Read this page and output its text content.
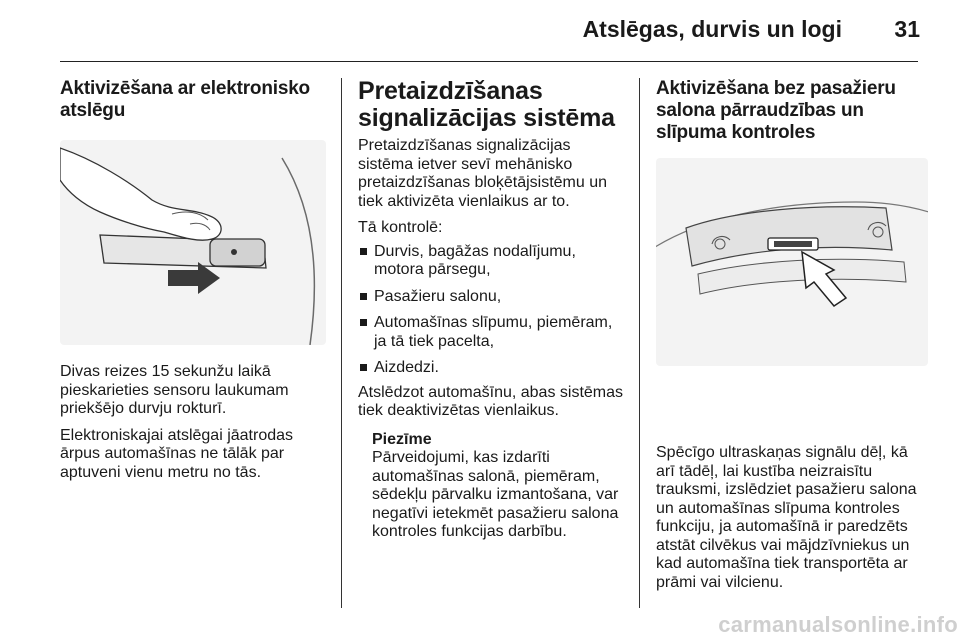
Atslēgas, durvis un logi 31
Aktivizēšana ar elektronisko atslēgu

Divas reizes 15 sekunžu laikā pieskarieties sensoru laukumam priekšējo durvju rokturī.

Elektroniskajai atslēgai jāatrodas ārpus automašīnas ne tālāk par aptuveni vienu metru no tās.

Pretaizdzīšanas signalizācijas sistēma

Pretaizdzīšanas signalizācijas sistēma ietver sevī mehānisko pretaizdzīšanas bloķētājsistēmu un tiek aktivizēta vienlaikus ar to.

Tā kontrolē:

Durvis, bagāžas nodalījumu, motora pārsegu,
Pasažieru salonu,
Automašīnas slīpumu, piemēram, ja tā tiek pacelta,
Aizdedzi.

Atslēdzot automašīnu, abas sistēmas tiek deaktivizētas vienlaikus.

Piezīme

Pārveidojumi, kas izdarīti automašīnas salonā, piemēram, sēdekļu pārvalku izmantošana, var negatīvi ietekmēt pasažieru salona kontroles funkcijas darbību.

Aktivizēšana bez pasažieru salona pārraudzības un slīpuma kontroles

Spēcīgo ultraskaņas signālu dēļ, kā arī tādēļ, lai kustība neizraisītu trauksmi, izslēdziet pasažieru salona un automašīnas slīpuma kontroles funkciju, ja automašīnā ir paredzēts atstāt cilvēkus vai mājdzīvniekus un kad automašīna tiek transportēta ar prāmi vai vilcienu.

carmanualsonline.info
